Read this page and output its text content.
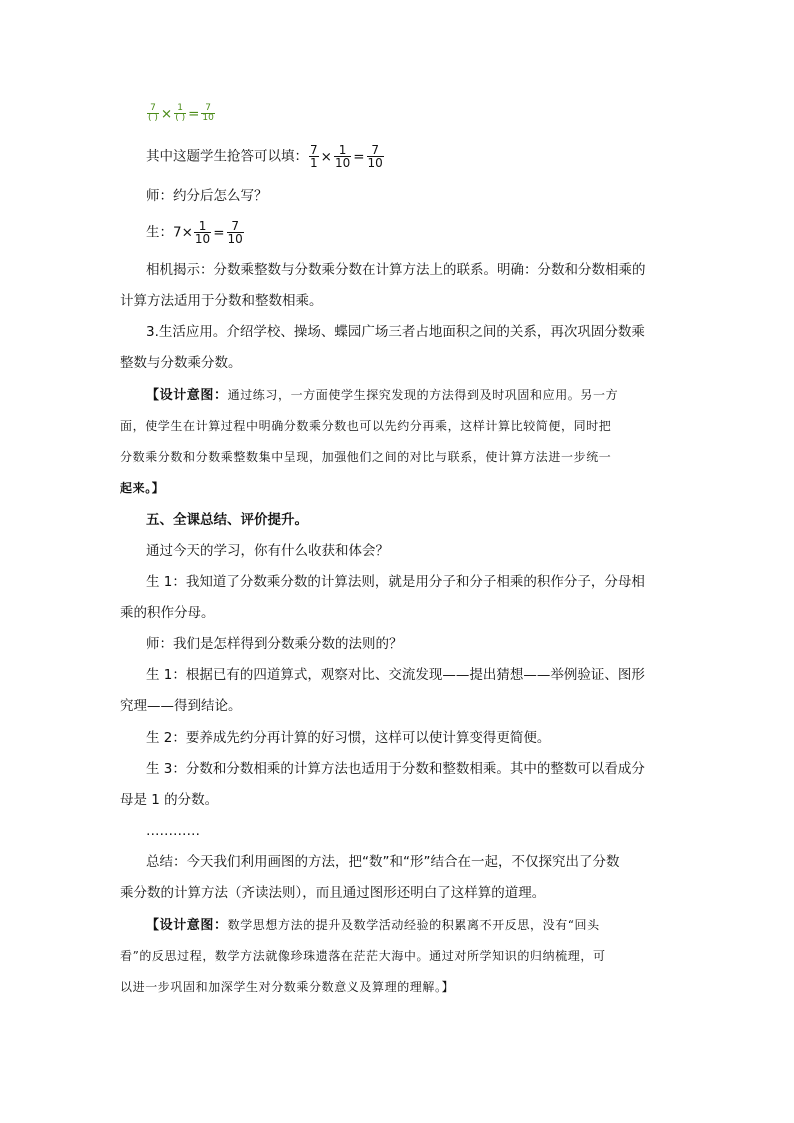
$\frac{7}{( )} \times \frac{1}{( )} = \frac{7}{10}$
其中这题学生抢答可以填： $\frac{7}{1} \times \frac{1}{10} = \frac{7}{10}$
师：约分后怎么写？
生：$7\times \frac{1}{10} = \frac{7}{10}$
相机揭示：分数乘整数与分数乘分数在计算方法上的联系。明确：分数和分数相乘的
计算方法适用于分数和整数相乘。
3.生活应用。介绍学校、操场、蝶园广场三者占地面积之间的关系，再次巩固分数乘
整数与分数乘分数。
【设计意图：通过练习，一方面使学生探究发现的方法得到及时巩固和应用。另一方
面，使学生在计算过程中明确分数乘分数也可以先约分再乘，这样计算比较简便，同时把
分数乘分数和分数乘整数集中呈现，加强他们之间的对比与联系，使计算方法进一步统一
起来。】
五、全课总结、评价提升。
通过今天的学习，你有什么收获和体会？
生 1：我知道了分数乘分数的计算法则，就是用分子和分子相乘的积作分子，分母相
乘的积作分母。
师：我们是怎样得到分数乘分数的法则的？
生 1：根据已有的四道算式，观察对比、交流发现——提出猜想——举例验证、图形
究理——得到结论。
生 2：要养成先约分再计算的好习惯，这样可以使计算变得更简便。
生 3：分数和分数相乘的计算方法也适用于分数和整数相乘。其中的整数可以看成分
母是 1 的分数。
…………
总结：今天我们利用画图的方法，把“数”和“形”结合在一起，不仅探究出了分数
乘分数的计算方法（齐读法则），而且通过图形还明白了这样算的道理。
【设计意图：数学思想方法的提升及数学活动经验的积累离不开反思，没有“回头
看”的反思过程，数学方法就像珍珠遗落在茫茫大海中。通过对所学知识的归纳梳理，可
以进一步巩固和加深学生对分数乘分数意义及算理的理解。】
